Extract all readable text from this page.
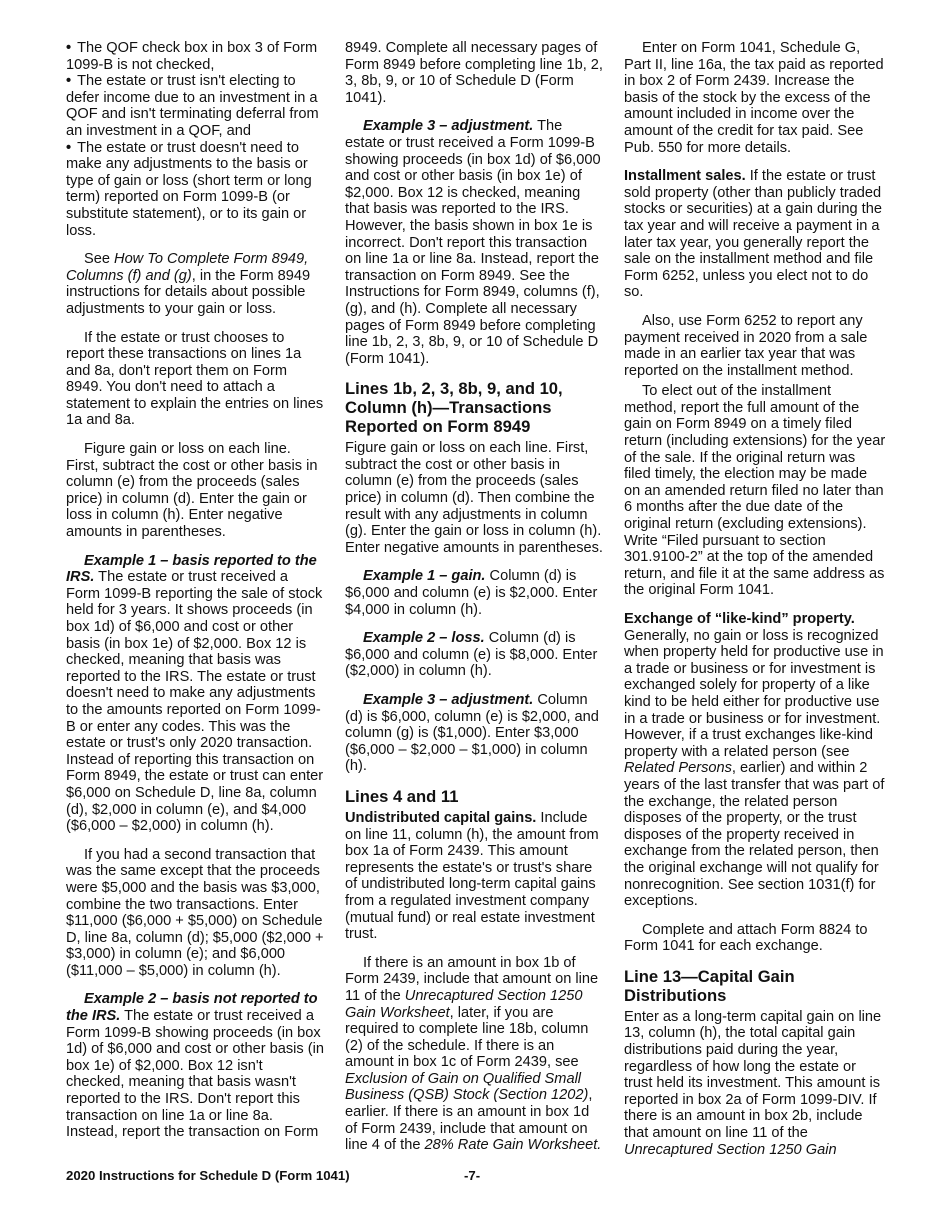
• The QOF check box in box 3 of Form 1099-B is not checked,
• The estate or trust isn't electing to defer income due to an investment in a QOF and isn't terminating deferral from an investment in a QOF, and
• The estate or trust doesn't need to make any adjustments to the basis or type of gain or loss (short term or long term) reported on Form 1099-B (or substitute statement), or to its gain or loss.

See How To Complete Form 8949, Columns (f) and (g), in the Form 8949 instructions for details about possible adjustments to your gain or loss.

If the estate or trust chooses to report these transactions on lines 1a and 8a, don't report them on Form 8949. You don't need to attach a statement to explain the entries on lines 1a and 8a.

Figure gain or loss on each line. First, subtract the cost or other basis in column (e) from the proceeds (sales price) in column (d). Enter the gain or loss in column (h). Enter negative amounts in parentheses.

Example 1 – basis reported to the IRS. The estate or trust received a Form 1099-B reporting the sale of stock held for 3 years. It shows proceeds (in box 1d) of $6,000 and cost or other basis (in box 1e) of $2,000. Box 12 is checked, meaning that basis was reported to the IRS. The estate or trust doesn't need to make any adjustments to the amounts reported on Form 1099-B or enter any codes. This was the estate or trust's only 2020 transaction. Instead of reporting this transaction on Form 8949, the estate or trust can enter $6,000 on Schedule D, line 8a, column (d), $2,000 in column (e), and $4,000 ($6,000 – $2,000) in column (h).

If you had a second transaction that was the same except that the proceeds were $5,000 and the basis was $3,000, combine the two transactions. Enter $11,000 ($6,000 + $5,000) on Schedule D, line 8a, column (d); $5,000 ($2,000 + $3,000) in column (e); and $6,000 ($11,000 – $5,000) in column (h).

Example 2 – basis not reported to the IRS. The estate or trust received a Form 1099-B showing proceeds (in box 1d) of $6,000 and cost or other basis (in box 1e) of $2,000. Box 12 isn't checked, meaning that basis wasn't reported to the IRS. Don't report this transaction on line 1a or line 8a. Instead, report the transaction on Form

8949. Complete all necessary pages of Form 8949 before completing line 1b, 2, 3, 8b, 9, or 10 of Schedule D (Form 1041).

Example 3 – adjustment. The estate or trust received a Form 1099-B showing proceeds (in box 1d) of $6,000 and cost or other basis (in box 1e) of $2,000. Box 12 is checked, meaning that basis was reported to the IRS. However, the basis shown in box 1e is incorrect. Don't report this transaction on line 1a or line 8a. Instead, report the transaction on Form 8949. See the Instructions for Form 8949, columns (f), (g), and (h). Complete all necessary pages of Form 8949 before completing line 1b, 2, 3, 8b, 9, or 10 of Schedule D (Form 1041).

Lines 1b, 2, 3, 8b, 9, and 10, Column (h)—Transactions Reported on Form 8949

Figure gain or loss on each line. First, subtract the cost or other basis in column (e) from the proceeds (sales price) in column (d). Then combine the result with any adjustments in column (g). Enter the gain or loss in column (h). Enter negative amounts in parentheses.

Example 1 – gain. Column (d) is $6,000 and column (e) is $2,000. Enter $4,000 in column (h).

Example 2 – loss. Column (d) is $6,000 and column (e) is $8,000. Enter ($2,000) in column (h).

Example 3 – adjustment. Column (d) is $6,000, column (e) is $2,000, and column (g) is ($1,000). Enter $3,000 ($6,000 – $2,000 – $1,000) in column (h).

Lines 4 and 11

Undistributed capital gains. Include on line 11, column (h), the amount from box 1a of Form 2439. This amount represents the estate's or trust's share of undistributed long-term capital gains from a regulated investment company (mutual fund) or real estate investment trust.

If there is an amount in box 1b of Form 2439, include that amount on line 11 of the Unrecaptured Section 1250 Gain Worksheet, later, if you are required to complete line 18b, column (2) of the schedule. If there is an amount in box 1c of Form 2439, see Exclusion of Gain on Qualified Small Business (QSB) Stock (Section 1202), earlier. If there is an amount in box 1d of Form 2439, include that amount on line 4 of the 28% Rate Gain Worksheet.

Enter on Form 1041, Schedule G, Part II, line 16a, the tax paid as reported in box 2 of Form 2439. Increase the basis of the stock by the excess of the amount included in income over the amount of the credit for tax paid. See Pub. 550 for more details.

Installment sales. If the estate or trust sold property (other than publicly traded stocks or securities) at a gain during the tax year and will receive a payment in a later tax year, you generally report the sale on the installment method and file Form 6252, unless you elect not to do so.

Also, use Form 6252 to report any payment received in 2020 from a sale made in an earlier tax year that was reported on the installment method.

To elect out of the installment method, report the full amount of the gain on Form 8949 on a timely filed return (including extensions) for the year of the sale. If the original return was filed timely, the election may be made on an amended return filed no later than 6 months after the due date of the original return (excluding extensions). Write “Filed pursuant to section 301.9100-2” at the top of the amended return, and file it at the same address as the original Form 1041.

Exchange of “like-kind” property. Generally, no gain or loss is recognized when property held for productive use in a trade or business or for investment is exchanged solely for property of a like kind to be held either for productive use in a trade or business or for investment. However, if a trust exchanges like-kind property with a related person (see Related Persons, earlier) and within 2 years of the last transfer that was part of the exchange, the related person disposes of the property, or the trust disposes of the property received in exchange from the related person, then the original exchange will not qualify for nonrecognition. See section 1031(f) for exceptions.

Complete and attach Form 8824 to Form 1041 for each exchange.

Line 13—Capital Gain Distributions

Enter as a long-term capital gain on line 13, column (h), the total capital gain distributions paid during the year, regardless of how long the estate or trust held its investment. This amount is reported in box 2a of Form 1099-DIV. If there is an amount in box 2b, include that amount on line 11 of the Unrecaptured Section 1250 Gain

2020 Instructions for Schedule D (Form 1041)	-7-
